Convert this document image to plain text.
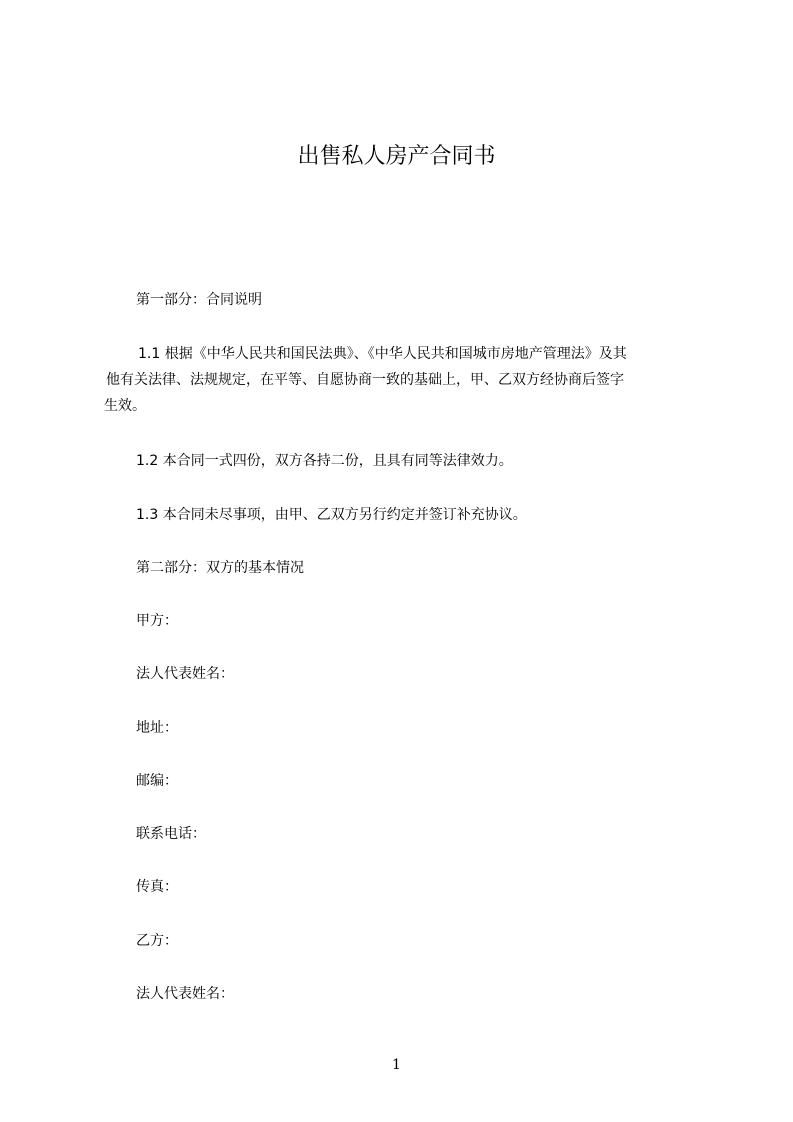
出售私人房产合同书

第一部分：合同说明

1.1 根据《中华人民共和国民法典》、《中华人民共和国城市房地产管理法》及其
他有关法律、法规规定，在平等、自愿协商一致的基础上，甲、乙双方经协商后签字
生效。

1.2 本合同一式四份，双方各持二份，且具有同等法律效力。

1.3 本合同未尽事项，由甲、乙双方另行约定并签订补充协议。

第二部分：双方的基本情况

甲方：

法人代表姓名：

地址：

邮编：

联系电话：

传真：

乙方：

法人代表姓名：

1
